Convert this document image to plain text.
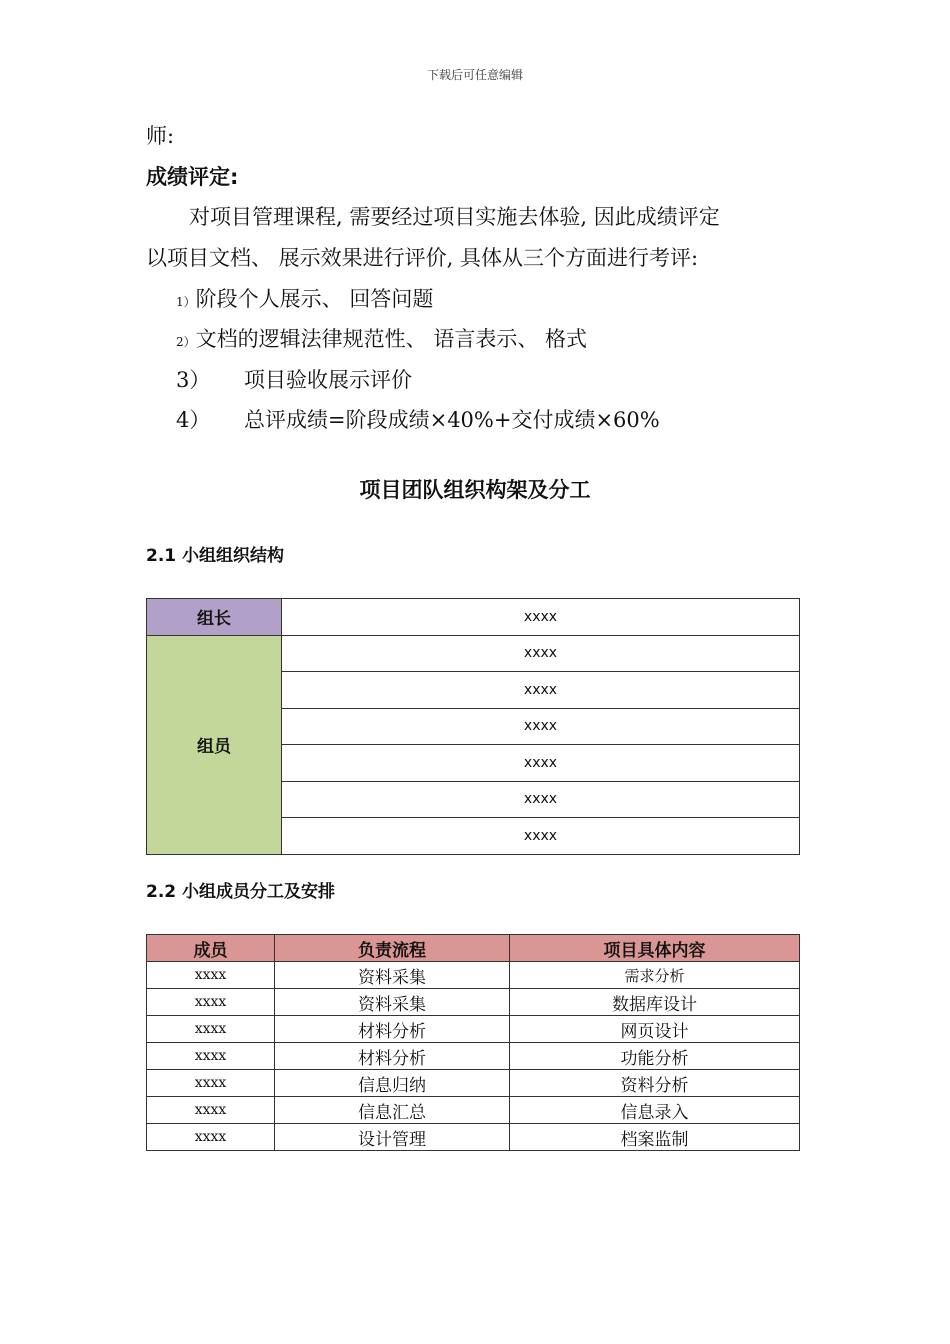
下载后可任意编辑
师:
成绩评定:
对项目管理课程, 需要经过项目实施去体验, 因此成绩评定
以项目文档、 展示效果进行评价, 具体从三个方面进行考评:
1）阶段个人展示、 回答问题
2）文档的逻辑法律规范性、 语言表示、 格式
3） 项目验收展示评价
4） 总评成绩=阶段成绩×40%+交付成绩×60%
项目团队组织构架及分工
2.1 小组组织结构
组长	xxxx
组员	xxxx
	xxxx
	xxxx
	xxxx
	xxxx
	xxxx
2.2 小组成员分工及安排
成员	负责流程	项目具体内容
xxxx	资料采集	需求分析
xxxx	资料采集	数据库设计
xxxx	材料分析	网页设计
xxxx	材料分析	功能分析
xxxx	信息归纳	资料分析
xxxx	信息汇总	信息录入
xxxx	设计管理	档案监制
